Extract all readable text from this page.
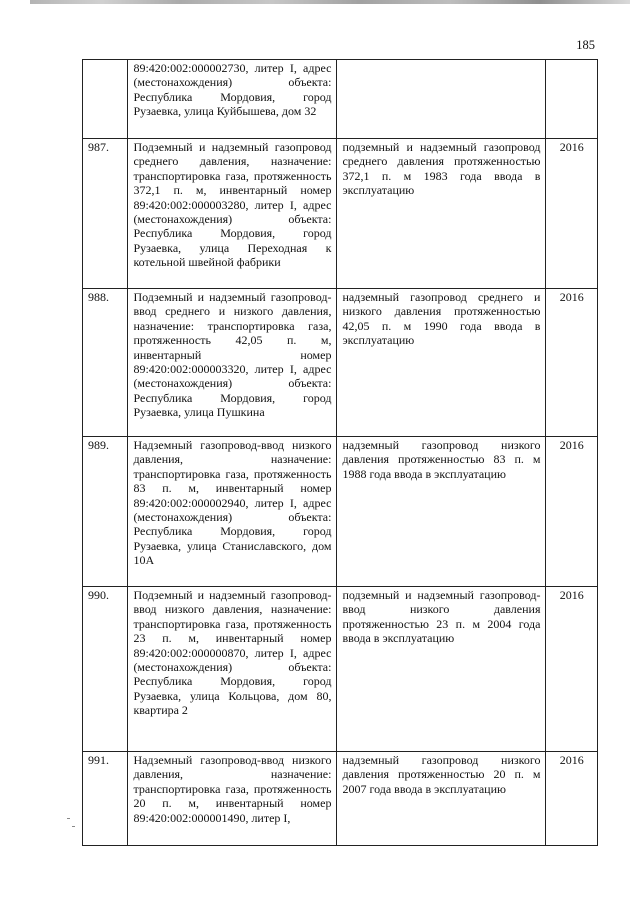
185
	89:420:002:000002730, литер I, адрес (местонахождения) объекта: Республика Мордовия, город Рузаевка, улица Куйбышева, дом 32		
987.	Подземный и надземный газопровод среднего давления, назначение: транспортировка газа, протяженность 372,1 п. м, инвентарный номер 89:420:002:000003280, литер I, адрес (местонахождения) объекта: Республика Мордовия, город Рузаевка, улица Переходная к котельной швейной фабрики	подземный и надземный газопровод среднего давления протяженностью 372,1 п. м 1983 года ввода в эксплуатацию	2016
988.	Подземный и надземный газопровод-ввод среднего и низкого давления, назначение: транспортировка газа, протяженность 42,05 п. м, инвентарный номер 89:420:002:000003320, литер I, адрес (местонахождения) объекта: Республика Мордовия, город Рузаевка, улица Пушкина	надземный газопровод среднего и низкого давления протяженностью 42,05 п. м 1990 года ввода в эксплуатацию	2016
989.	Надземный газопровод-ввод низкого давления, назначение: транспортировка газа, протяженность 83 п. м, инвентарный номер 89:420:002:000002940, литер I, адрес (местонахождения) объекта: Республика Мордовия, город Рузаевка, улица Станиславского, дом 10А	надземный газопровод низкого давления протяженностью 83 п. м 1988 года ввода в эксплуатацию	2016
990.	Подземный и надземный газопровод-ввод низкого давления, назначение: транспортировка газа, протяженность 23 п. м, инвентарный номер 89:420:002:000000870, литер I, адрес (местонахождения) объекта: Республика Мордовия, город Рузаевка, улица Кольцова, дом 80, квартира 2	подземный и надземный газопровод-ввод низкого давления протяженностью 23 п. м 2004 года ввода в эксплуатацию	2016
991.	Надземный газопровод-ввод низкого давления, назначение: транспортировка газа, протяженность 20 п. м, инвентарный номер 89:420:002:000001490, литер I,	надземный газопровод низкого давления протяженностью 20 п. м 2007 года ввода в эксплуатацию	2016
